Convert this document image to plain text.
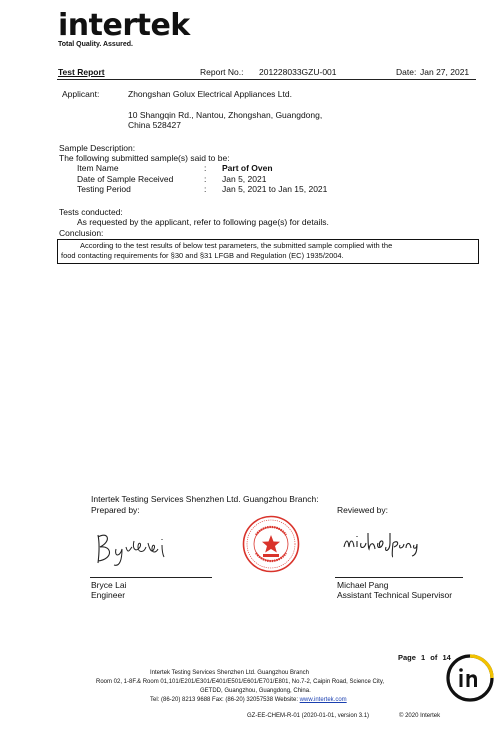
intertek
Total Quality. Assured.
Test Report	Report No.: 201228033GZU-001	Date: Jan 27, 2021
Applicant:	Zhongshan Golux Electrical Appliances Ltd.
10 Shangqin Rd., Nantou, Zhongshan, Guangdong,
China 528427
Sample Description:
The following submitted sample(s) said to be:
Item Name	: Part of Oven
Date of Sample Received	: Jan 5, 2021
Testing Period	: Jan 5, 2021 to Jan 15, 2021
Tests conducted:
As requested by the applicant, refer to following page(s) for details.
Conclusion:
According to the test results of below test parameters, the submitted sample complied with the
food contacting requirements for §30 and §31 LFGB and Regulation (EC) 1935/2004.
Intertek Testing Services Shenzhen Ltd. Guangzhou Branch:
Prepared by:	Reviewed by:
Bryce Lai
Engineer
Michael Pang
Assistant Technical Supervisor
Page 1 of 14
Intertek Testing Services Shenzhen Ltd. Guangzhou Branch
Room 02, 1-8F.& Room 01,101/E201/E301/E401/E501/E601/E701/E801, No.7-2, Caipin Road, Science City,
GETDD, Guangzhou, Guangdong, China.
Tel: (86-20) 8213 9688 Fax: (86-20) 32057538 Website: www.intertek.com
GZ-EE-CHEM-R-01 (2020-01-01, version 3.1)	© 2020 Intertek
